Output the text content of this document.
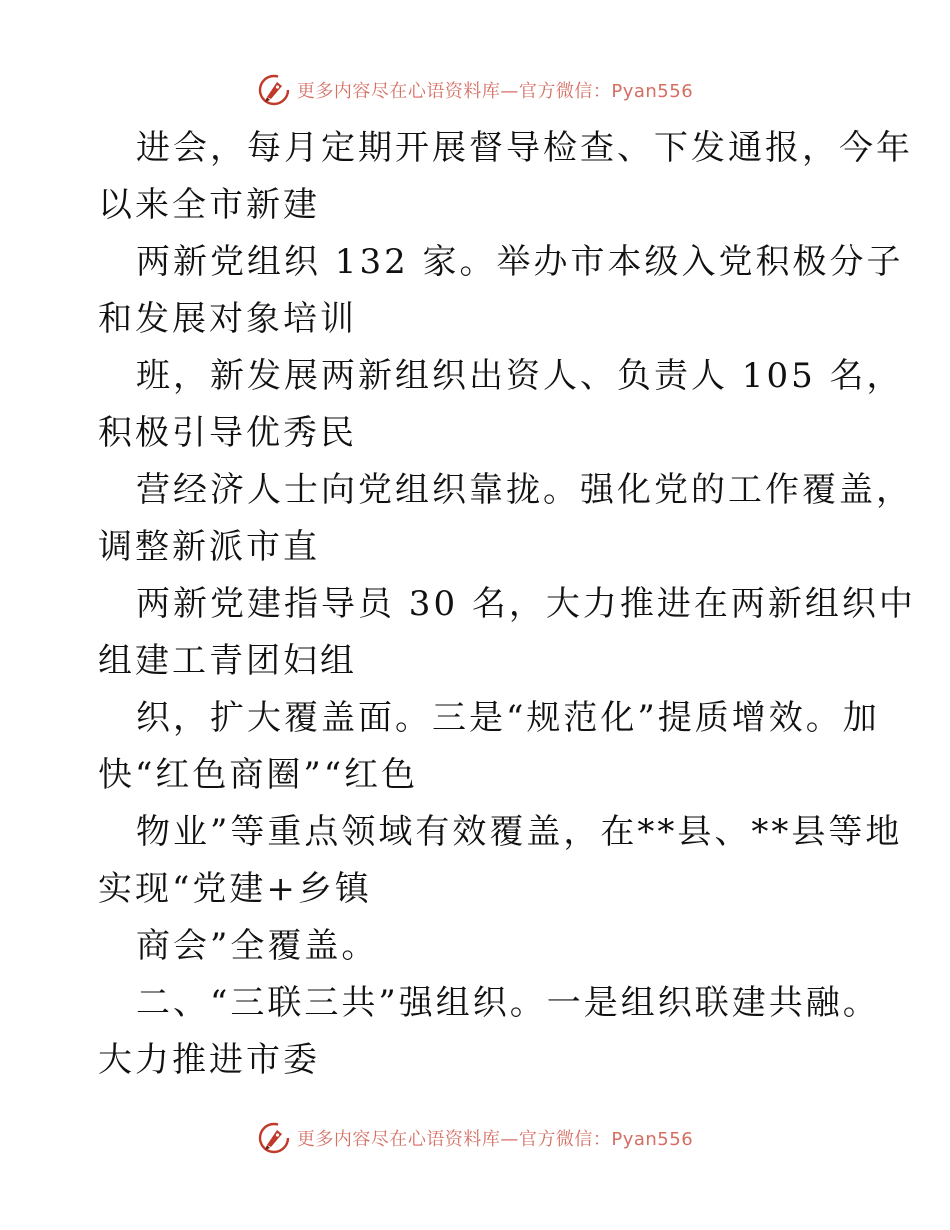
更多内容尽在心语资料库—官方微信：Pyan556
进会，每月定期开展督导检查、下发通报，今年
以来全市新建
两新党组织 132 家。举办市本级入党积极分子
和发展对象培训
班，新发展两新组织出资人、负责人 105 名，
积极引导优秀民
营经济人士向党组织靠拢。强化党的工作覆盖，
调整新派市直
两新党建指导员 30 名，大力推进在两新组织中
组建工青团妇组
织，扩大覆盖面。三是“规范化”提质增效。加
快“红色商圈”“红色
物业”等重点领域有效覆盖，在**县、**县等地
实现“党建+乡镇
商会”全覆盖。
二、“三联三共”强组织。一是组织联建共融。
大力推进市委
更多内容尽在心语资料库—官方微信：Pyan556
